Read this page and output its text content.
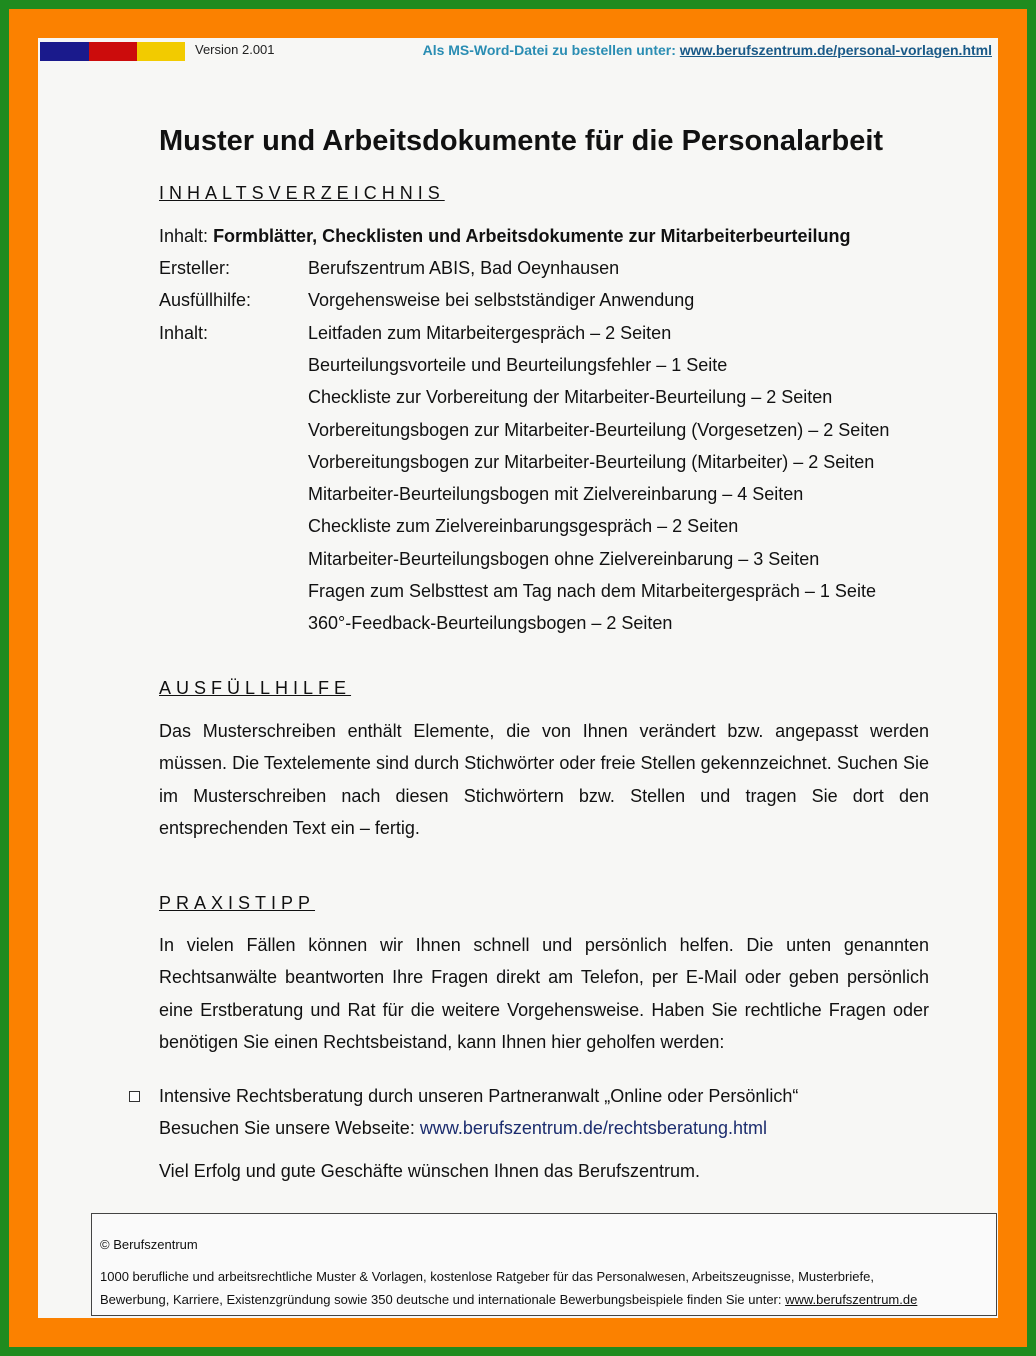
Version 2.001	Als MS-Word-Datei zu bestellen unter: www.berufszentrum.de/personal-vorlagen.html
Muster und Arbeitsdokumente für die Personalarbeit
INHALTSVERZEICHNIS
Inhalt: Formblätter, Checklisten und Arbeitsdokumente zur Mitarbeiterbeurteilung
Ersteller:	Berufszentrum ABIS, Bad Oeynhausen
Ausfüllhilfe:	Vorgehensweise bei selbstständiger Anwendung
Inhalt:	Leitfaden zum Mitarbeitergespräch – 2 Seiten
Beurteilungsvorteile und Beurteilungsfehler – 1 Seite
Checkliste zur Vorbereitung der Mitarbeiter-Beurteilung – 2 Seiten
Vorbereitungsbogen zur Mitarbeiter-Beurteilung (Vorgesetzen) – 2 Seiten
Vorbereitungsbogen zur Mitarbeiter-Beurteilung (Mitarbeiter) – 2 Seiten
Mitarbeiter-Beurteilungsbogen mit Zielvereinbarung – 4 Seiten
Checkliste zum Zielvereinbarungsgespräch – 2 Seiten
Mitarbeiter-Beurteilungsbogen ohne Zielvereinbarung – 3 Seiten
Fragen zum Selbsttest am Tag nach dem Mitarbeitergespräch – 1 Seite
360°-Feedback-Beurteilungsbogen – 2 Seiten
AUSFÜLLHILFE
Das Musterschreiben enthält Elemente, die von Ihnen verändert bzw. angepasst werden müssen. Die Textelemente sind durch Stichwörter oder freie Stellen gekennzeichnet. Suchen Sie im Musterschreiben nach diesen Stichwörtern bzw. Stellen und tragen Sie dort den entsprechenden Text ein – fertig.
PRAXISTIPP
In vielen Fällen können wir Ihnen schnell und persönlich helfen. Die unten genannten Rechtsanwälte beantworten Ihre Fragen direkt am Telefon, per E-Mail oder geben persönlich eine Erstberatung und Rat für die weitere Vorgehensweise. Haben Sie rechtliche Fragen oder benötigen Sie einen Rechtsbeistand, kann Ihnen hier geholfen werden:
Intensive Rechtsberatung durch unseren Partneranwalt „Online oder Persönlich“
Besuchen Sie unsere Webseite: www.berufszentrum.de/rechtsberatung.html
Viel Erfolg und gute Geschäfte wünschen Ihnen das Berufszentrum.
© Berufszentrum
1000 berufliche und arbeitsrechtliche Muster & Vorlagen, kostenlose Ratgeber für das Personalwesen, Arbeitszeugnisse, Musterbriefe,
Bewerbung, Karriere, Existenzgründung sowie 350 deutsche und internationale Bewerbungsbeispiele finden Sie unter: www.berufszentrum.de
